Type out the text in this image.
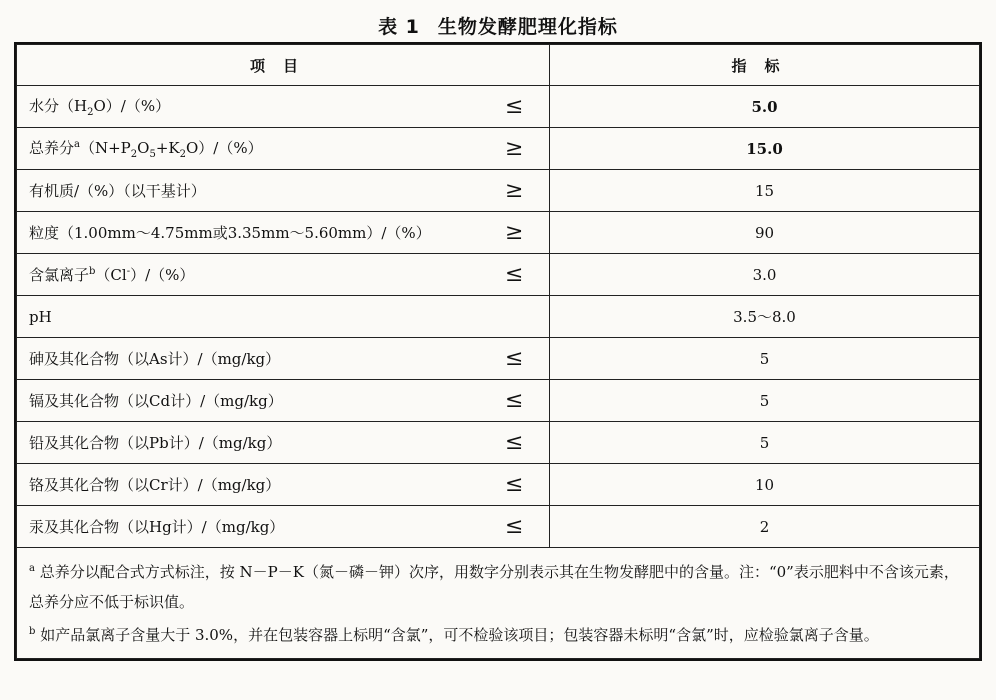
表 1 生物发酵肥理化指标
项目		指标
水分$(H_2O)/(\%)$	≤	5.0
总养分$^a(N+P_2O_5+K_2O)/(\%)$	≥	15.0
有机质/（%）（以干基计）	≥	15
粒度（1.00mm～4.75mm或3.35mm～5.60mm）/（%）	≥	90
含氯离子$^b$（Cl-）/（%）	≤	3.0
pH		3.5～8.0
砷及其化合物（以As计）/（mg/kg）	≤	5
镉及其化合物（以Cd计）/（mg/kg）	≤	5
铅及其化合物（以Pb计）/（mg/kg）	≤	5
铬及其化合物（以Cr计）/（mg/kg）	≤	10
汞及其化合物（以Hg计）/（mg/kg）	≤	2

$^a$ 总养分以配合式方式标注，按 N－P－K（氮－磷－钾）次序，用数字分别表示其在生物发酵肥中的含量。注：“0”表示肥料中不含该元素，总养分应不低于标识值。
$^b$ 如产品氯离子含量大于 3.0%，并在包装容器上标明“含氯”，可不检验该项目；包装容器未标明“含氯”时，应检验氯离子含量。		
